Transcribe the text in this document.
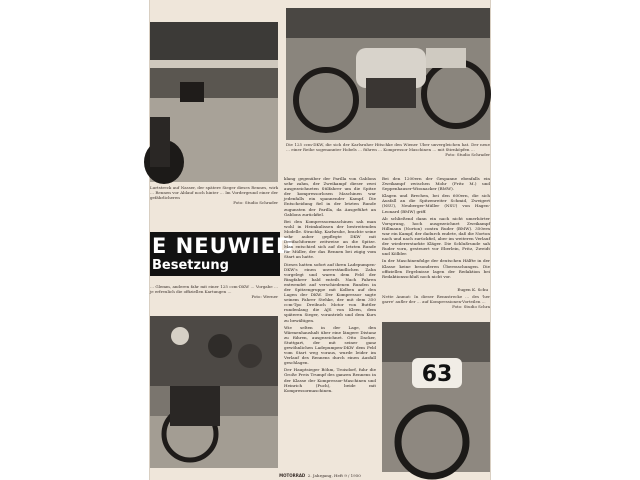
Lurtstreck auf Nasser, der spätere Sieger dieses Rennes, wirk … Rennen vor Ablauf noch hinter … Im Vordergrund einer der gefährlicheren
Foto: Studio Schrader
Die 125 ccm-DKW, die sich der Karlsruher Hitschke den Wiener Uber unvergleichen hat. Der neue … einer Reihe sogenannter Hobels … führen … Kompressor Maschinen … mit Stirnköpfen …
Foto: Studio Schrader
E NEUWIED
Besetzung
… Glemm, anderen fahr mit einer 125 ccm-DKW … Vorgabe … je erfreulich die offiziellen Kartungen …
Foto: Werner

klang gegenüber der Parilla von Gablons sehr zahm, der Zweikampf dieser zwei ausgezeichneten Stilfahrer um die Spitze der kompressorlosen Maschinen war jedenfalls ein spannender Kampf. Die Entscheidung fiel in der letzten Runde zugunsten der Parilla, da Ausgeführt an Gablons zurückfiel.

Bei den Kompressormaschinen sah man wohl in Heimkulissen der bestreitenden Modelle. Strachky, Karlsruhe, brachte seine sehr auber gepflegte DKW mit Dreifachformer zeitweise an die Spitze. Man entschied sich auf der letzten Runde für Müller, der das Rennen bei zügig vom Start an hatte.

Dieses hatten sofort auf ihren Ladepumpen-DKW's einen unverständlichen Zahn vorgelegt und waren dem Feld der Ringfahrer bald enteilt. Nach Fahren entwendet auf verschiedenen Runden in der Spitzengruppe mit Kolben auf den Lagen der DKW. Der Kompressor sagte seinem Fahrer Stehke, der mit dem 350 ccm-Tpo Dreibuch Motor von Buttler rundenlang die AJS von Kleen, dem späteren Sieger, vorantrieb und dem Kurs zu bewältigen.

Wie selten in der Lage, den Wärmenhaushalt über eine längere Distanz zu führen, ausgezeichnet. Otto Dacker, Stuttgart, der mit seiner ganz gewöhnlichen Ladepumpen-DKW dem Feld vom Start weg voraus, wurde leider im Verlauf des Rennens durch einen Ausfall geschlagen.

Der Hauptsieger Böhm, Troisdorf, fuhr die Große Preis Trumpf des ganzen Rennens in der Klasse der Kompressor-Maschinen und Heinrich (Puch), beide mit Kompressormaschinen.

Bei den 1200ern der Gespanne ebenfalls ein Zweikampf zwischen Mohr (Fritz M.) und Seppenhauser-Wissnacker (BMW).

Klagen und Brechen, bei den 600ern, die sich Ausfall an die Spitzenreiter Schmid, Zweigert (NSU), Neuberger-Müller (NSU) von Hagen-Leonard (BMW) griff.

Ab schließend dann ein nach nicht umerhörter Vorsprung, hoch ausgezeichnet Zweikampf Hillmann (Norton) contra Ruder (BMW). 350ern war ein Kampf, der dadurch endete, daß die Norton nach und nach zurückfiel, aber im weiteren Verlauf der wiedererstarkte Kläger. Die Schlußrunde sah Ruder vorn, gesteuert vor Eberlein, Fritz, Zweidt und Kölbler.

In der Maschinenfolge der deutschen Hälfte in der Klasse keine besonderen Überraschungen. Die offiziellen Ergebnisse lagen der Redaktion bei Redaktionsschluß noch nicht vor.

Eugen K. Schu
Nette Anmut: In dieser Rennstrecke … des 'her garre' aufler der … auf Kompressionen-Vorteilen …
Foto: Studio Schra
63
MOTORRAD 2. Jahrgang, Heft 9 / 1950
